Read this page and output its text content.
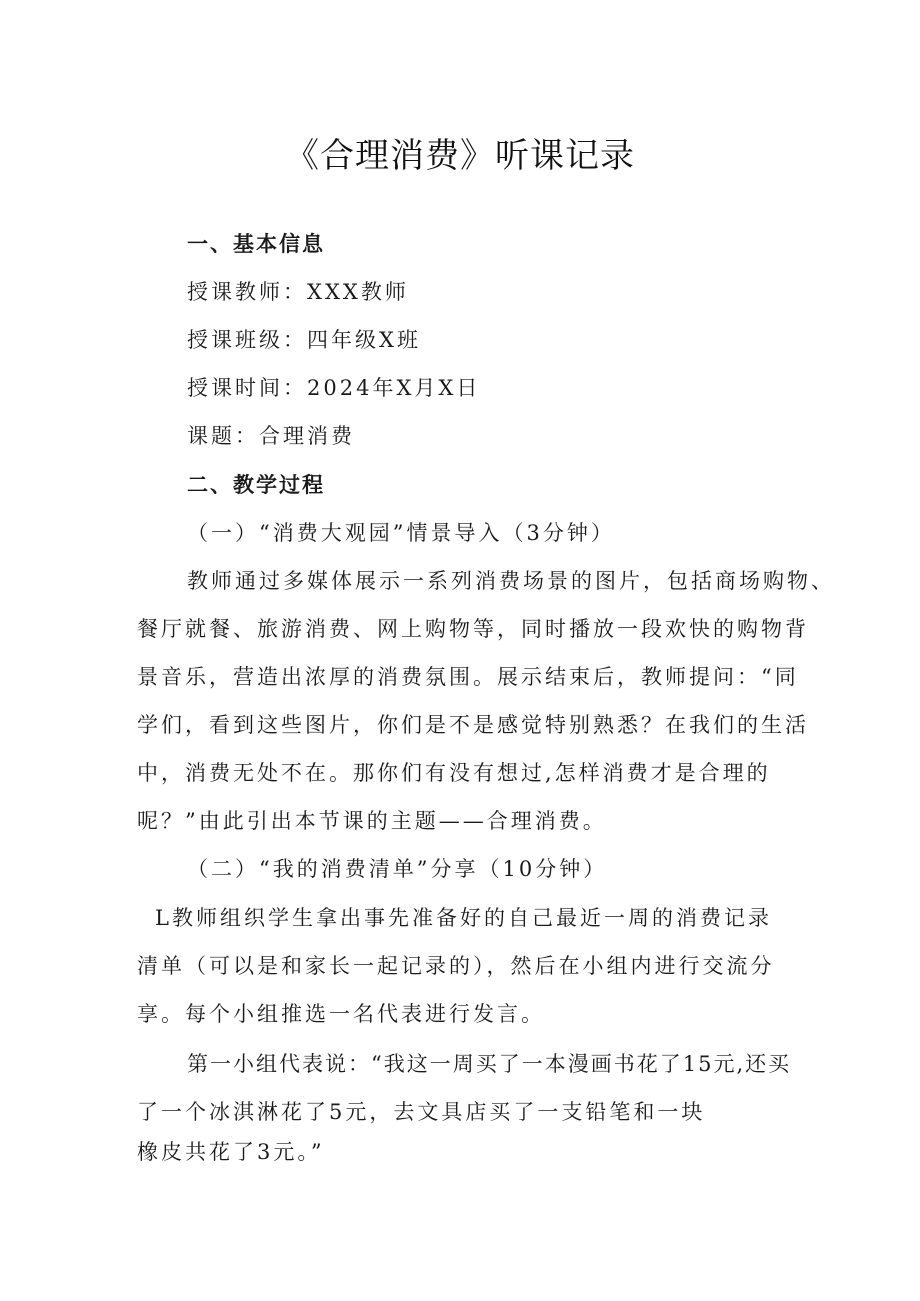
《合理消费》听课记录
一、基本信息
授课教师：XXX教师
授课班级：四年级X班
授课时间：2024年X月X日
课题：合理消费
二、教学过程
（一）“消费大观园”情景导入（3分钟）
教师通过多媒体展示一系列消费场景的图片，包括商场购物、
餐厅就餐、旅游消费、网上购物等，同时播放一段欢快的购物背
景音乐，营造出浓厚的消费氛围。展示结束后，教师提问：“同
学们，看到这些图片，你们是不是感觉特别熟悉？在我们的生活
中，消费无处不在。那你们有没有想过,怎样消费才是合理的
呢？”由此引出本节课的主题——合理消费。
（二）“我的消费清单”分享（10分钟）
L教师组织学生拿出事先准备好的自己最近一周的消费记录
清单（可以是和家长一起记录的），然后在小组内进行交流分
享。每个小组推选一名代表进行发言。
第一小组代表说：“我这一周买了一本漫画书花了15元,还买
了一个冰淇淋花了5元，去文具店买了一支铅笔和一块
橡皮共花了3元。”
